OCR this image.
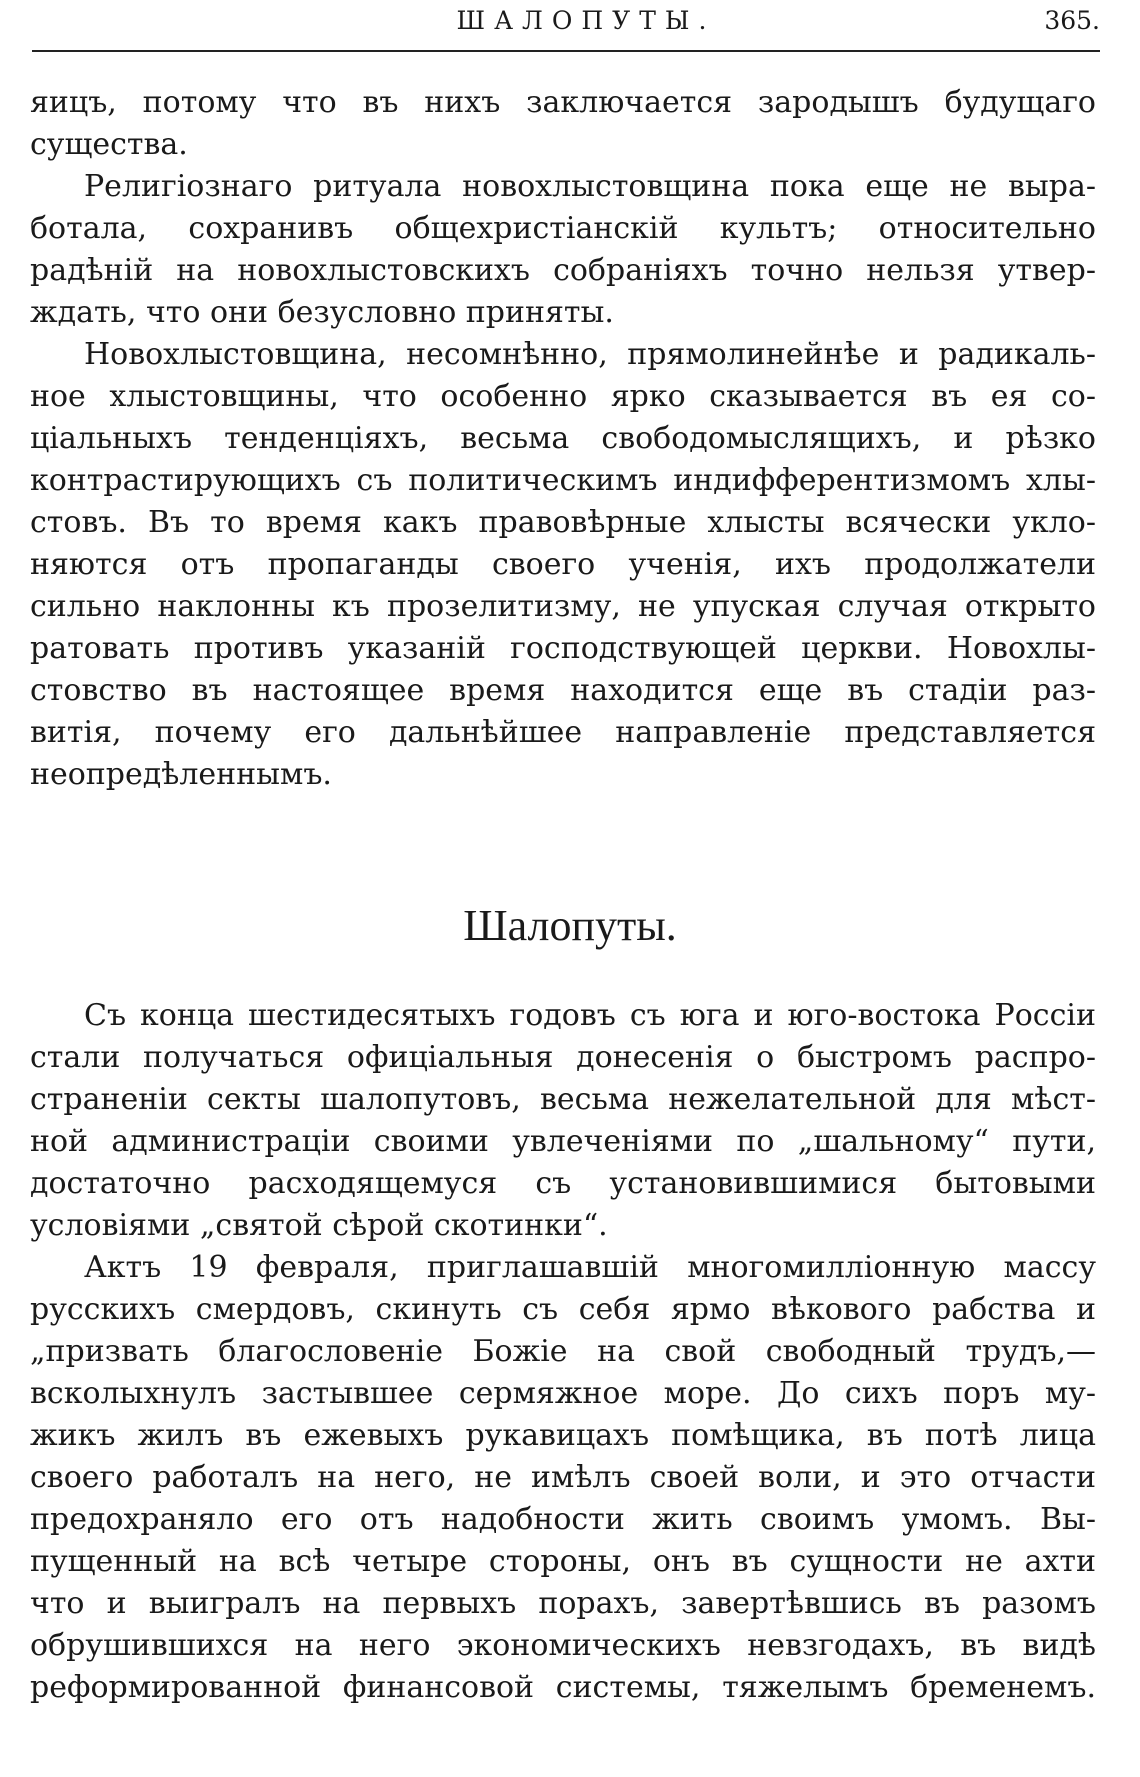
ШАЛОПУТЫ.	365.
яицъ, потому что въ нихъ заключается зародышъ будущаго
существа.
Религiознаго ритуала новохлыстовщина пока еще не выра-
ботала, сохранивъ общехристiанскiй культъ; относительно
радѣнiй на новохлыстовскихъ собранiяхъ точно нельзя утвер-
ждать, что они безусловно приняты.
Новохлыстовщина, несомнѣнно, прямолинейнѣе и радикаль-
ное хлыстовщины, что особенно ярко сказывается въ ея со-
цiальныхъ тенденцiяхъ, весьма свободомыслящихъ, и рѣзко
контрастирующихъ съ политическимъ индифферентизмомъ хлы-
стовъ. Въ то время какъ правовѣрные хлысты всячески укло-
няются отъ пропаганды своего ученiя, ихъ продолжатели
сильно наклонны къ прозелитизму, не упуская случая открыто
ратовать противъ указанiй господствующей церкви. Новохлы-
стовство въ настоящее время находится еще въ стадiи раз-
витiя, почему его дальнѣйшее направленiе представляется
неопредѣленнымъ.
Шалопуты.
Съ конца шестидесятыхъ годовъ съ юга и юго-востока Россiи
стали получаться офицiальныя донесенiя о быстромъ распро-
страненiи секты шалопутовъ, весьма нежелательной для мѣст-
ной администрацiи своими увлеченiями по „шальному“ пути,
достаточно расходящемуся съ установившимися бытовыми
условiями „святой сѣрой скотинки“.
Актъ 19 февраля, приглашавшiй многомиллiонную массу
русскихъ смердовъ, скинуть съ себя ярмо вѣкового рабства и
„призвать благословенiе Божiе на свой свободный трудъ,—
всколыхнулъ застывшее сермяжное море. До сихъ поръ му-
жикъ жилъ въ ежевыхъ рукавицахъ помѣщика, въ потѣ лица
своего работалъ на него, не имѣлъ своей воли, и это отчасти
предохраняло его отъ надобности жить своимъ умомъ. Вы-
пущенный на всѣ четыре стороны, онъ въ сущности не ахти
что и выигралъ на первыхъ порахъ, завертѣвшись въ разомъ
обрушившихся на него экономическихъ невзгодахъ, въ видѣ
реформированной финансовой системы, тяжелымъ бременемъ.
